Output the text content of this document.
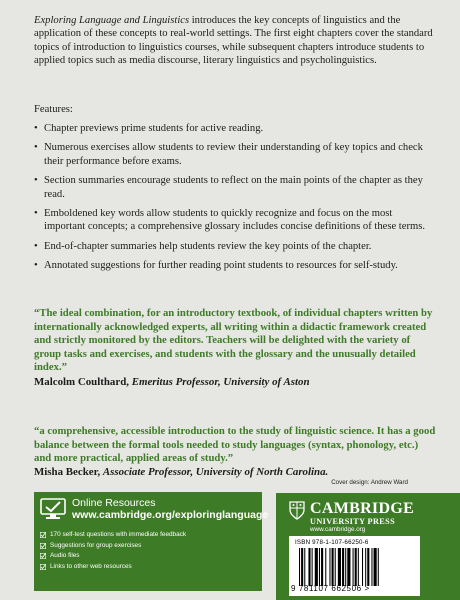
Exploring Language and Linguistics introduces the key concepts of linguistics and the application of these concepts to real-world settings. The first eight chapters cover the standard topics of introduction to linguistics courses, while subsequent chapters introduce students to applied topics such as media discourse, literary linguistics and psycholinguistics.

Features:

• Chapter previews prime students for active reading.
• Numerous exercises allow students to review their understanding of key topics and check their performance before exams.
• Section summaries encourage students to reflect on the main points of the chapter as they read.
• Emboldened key words allow students to quickly recognize and focus on the most important concepts; a comprehensive glossary includes concise definitions of these terms.
• End-of-chapter summaries help students review the key points of the chapter.
• Annotated suggestions for further reading point students to resources for self-study.

“The ideal combination, for an introductory textbook, of individual chapters written by internationally acknowledged experts, all writing within a didactic framework created and strictly monitored by the editors. Teachers will be delighted with the variety of group tasks and exercises, and students with the glossary and the unusually detailed index.”

Malcolm Coulthard, Emeritus Professor, University of Aston

“a comprehensive, accessible introduction to the study of linguistic science. It has a good balance between the formal tools needed to study languages (syntax, phonology, etc.) and more practical, applied areas of study.”

Misha Becker, Associate Professor, University of North Carolina.

Cover design: Andrew Ward
Online Resources
www.cambridge.org/exploringlanguage
170 self-test questions with immediate feedback
Suggestions for group exercises
Audio files
Links to other web resources
CAMBRIDGE
UNIVERSITY PRESS
www.cambridge.org
ISBN 978-1-107-66250-6
9 781107 662506 >
